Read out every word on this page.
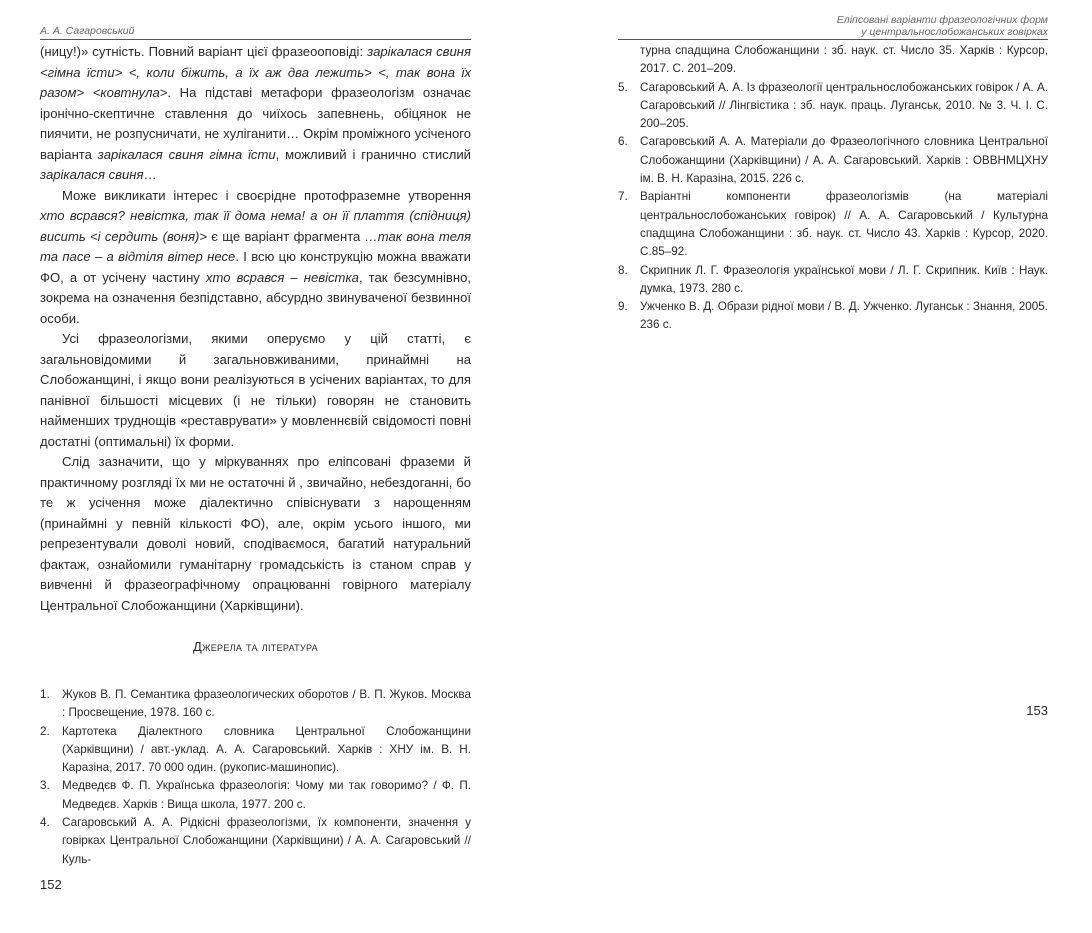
А. А. Сагаровський

(ницу!)» сутність. Повний варіант цієї фразеооповіді: зарікалася свиня <гімна їсти> <, коли біжить, а їх аж два лежить> <, так вона їх разом> <ковтнула>. На підставі метафори фразеологізм означає іронічно-скептичне ставлення до чиїхось запевнень, обіцянок не пиячити, не розпусничати, не хуліганити… Окрім проміжного усіченого варіанта зарікалася свиня гімна їсти, можливий і гранично стислий зарікалася свиня…

Може викликати інтерес і своєрідне протофраземне утворення хто всрався? невістка, так її дома нема! а он її плаття (спідниця) висить <і сердить (воня)> є ще варіант фрагмента …так вона теля та пасе – а відтіля вітер несе. І всю цю конструкцію можна вважати ФО, а от усічену частину хто всрався – невістка, так безсумнівно, зокрема на означення безпідставно, абсурдно звинуваченої безвинної особи.

Усі фразеологізми, якими оперуємо у цій статті, є загальновідомими й загальновживаними, принаймні на Слобожанщині, і якщо вони реалізуються в усічених варіантах, то для панівної більшості місцевих (і не тільки) говорян не становить найменших труднощів «реставрувати» у мовленнєвій свідомості повні достатні (оптимальні) їх форми.

Слід зазначити, що у міркуваннях про еліпсовані фраземи й практичному розгляді їх ми не остаточні й , звичайно, небездоганні, бо те ж усічення може діалектично співіснувати з нарощенням (принаймні у певній кількості ФО), але, окрім усього іншого, ми репрезентували доволі новий, сподіваємося, багатий натуральний фактаж, ознайомили гуманітарну громадськість із станом справ у вивченні й фразеографічному опрацюванні говірного матеріалу Центральної Слобожанщини (Харківщини).

Джерела та література
1. Жуков В. П. Семантика фразеологических оборотов / В. П. Жуков. Москва : Просвещение, 1978. 160 с.
2. Картотека Діалектного словника Центральної Слобожанщини (Харківщини) / авт.-уклад. А. А. Сагаровський. Харків : ХНУ ім. В. Н. Каразіна, 2017. 70 000 один. (рукопис-машинопис).
3. Медведєв Ф. П. Українська фразеологія: Чому ми так говоримо? / Ф. П. Медведєв. Харків : Вища школа, 1977. 200 с.
4. Сагаровський А. А. Рідкісні фразеологізми, їх компоненти, значення у говірках Центральної Слобожанщини (Харківщини) / А. А. Сагаровський // Куль-
152
Еліпсовані варіанти фразеологічних форм
у центральнослобожанських говірках
турна спадщина Слобожанщини : зб. наук. ст. Число 35. Харків : Курсор, 2017. С. 201–209.
5. Сагаровський А. А. Із фразеології центральнослобожанських говірок / А. А. Сагаровський // Лінгвістика : зб. наук. праць. Луганськ, 2010. № 3. Ч. І. С. 200–205.
6. Сагаровський А. А. Матеріали до Фразеологічного словника Центральної Слобожанщини (Харківщини) / А. А. Сагаровський. Харків : ОВВНМЦХНУ ім. В. Н. Каразіна, 2015. 226 с.
7. Варіантні компоненти фразеологізмів (на матеріалі центральнослобожанських говірок) // А. А. Сагаровський / Культурна спадщина Слобожанщини : зб. наук. ст. Число 43. Харків : Курсор, 2020. С.85–92.
8. Скрипник Л. Г. Фразеологія української мови / Л. Г. Скрипник. Київ : Наук. думка, 1973. 280 с.
9. Ужченко В. Д. Образи рідної мови / В. Д. Ужченко. Луганськ : Знання, 2005. 236 с.
153
